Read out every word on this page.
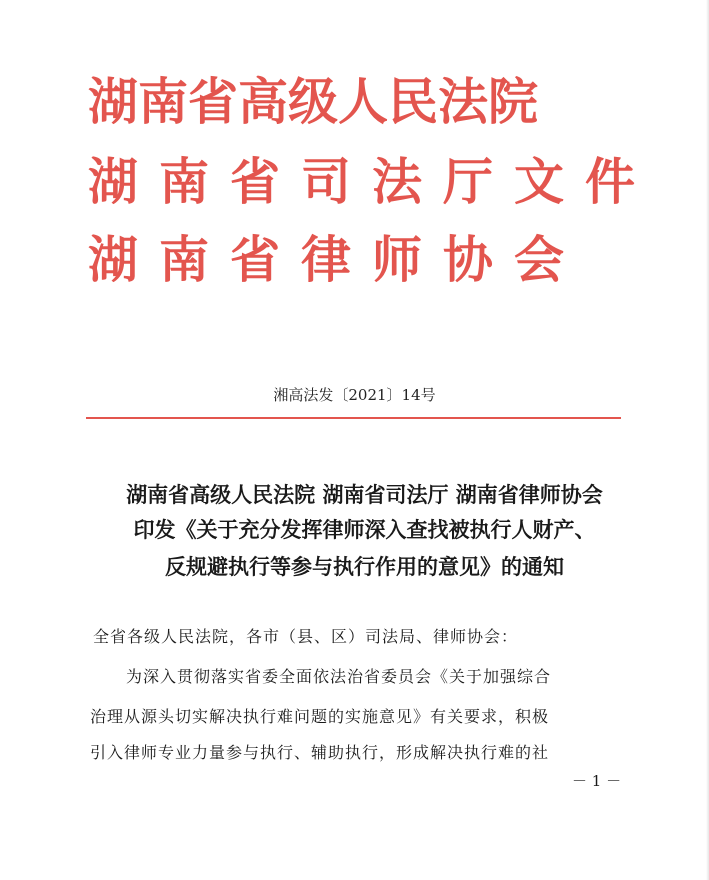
湖南省高级人民法院
湖南省司法厅文件
湖南省律师协会
湘高法发〔2021〕14号
湖南省高级人民法院 湖南省司法厅 湖南省律师协会
印发《关于充分发挥律师深入查找被执行人财产、
反规避执行等参与执行作用的意见》的通知
全省各级人民法院，各市（县、区）司法局、律师协会：
为深入贯彻落实省委全面依法治省委员会《关于加强综合
治理从源头切实解决执行难问题的实施意见》有关要求，积极
引入律师专业力量参与执行、辅助执行，形成解决执行难的社
－ 1 －
